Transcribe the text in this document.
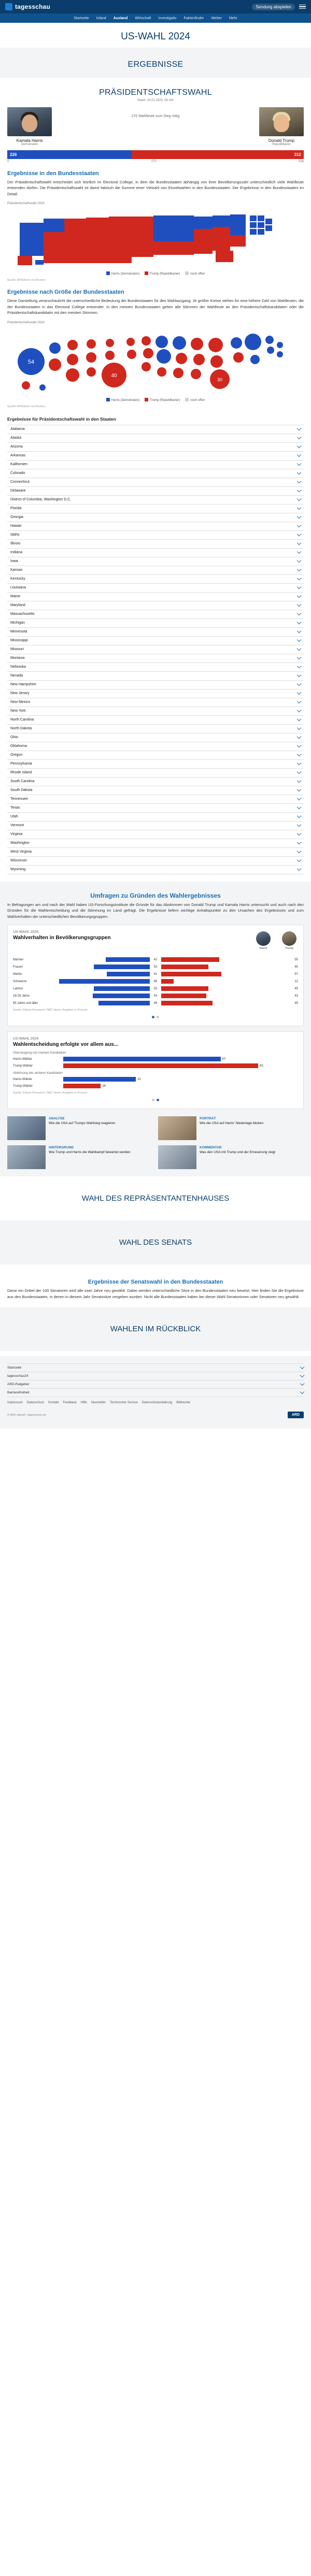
tagesschau	Sendung abspielen
Startseite Inland Ausland Wirtschaft Investigativ Faktenfinder Wetter Mehr
US-WAHL 2024
ERGEBNISSE
PRÄSIDENTSCHAFTSWAHL
Stand: 20.01.2025, 08 Uhr
Kamala Harris
Demokraten
270 Wahlleute zum Sieg nötig
Donald Trump
Republikaner
226	312
0	270	538
Ergebnisse in den Bundesstaaten
Der Präsidentschaftswahl entscheidet sich letztlich im Electoral College, in dem die Bundesstaaten abhängig von ihrer Bevölkerungszahl unterschiedlich viele Wahlleute entsenden dürfen. Die Präsidentschaftswahl ist damit faktisch die Summe einer Vielzahl von Einzelwahlen in den Bundesstaaten. Der Ergebnisse in den Bundesstaaten im Detail.
Präsidentschaftswahl 2024
Harris (Demokraten)	Trump (Republikaner)	noch offen
Quelle: AP/Edison via Reuters
Ergebnisse nach Größe der Bundesstaaten
Diese Darstellung veranschaulicht die unterschiedliche Bedeutung der Bundesstaaten für den Wahlausgang. Je größer Kreise stehen für eine höhere Zahl von Wahlleuten, die der Bundesstaaten in das Electoral College entsendet. In den meisten Bundesstaaten gehen alle Stimmen der Wahlleute an den Präsidentschaftskandidaten oder die Präsidentschaftskandidatin mit den meisten Stimmen.
Präsidentschaftswahl 2024
54
40
30
Harris (Demokraten)	Trump (Republikaner)	noch offen
Quelle: AP/Edison via Reuters
Ergebnisse für Präsidentschaftswahl in den Staaten
Alabama
Alaska
Arizona
Arkansas
Kalifornien
Colorado
Connecticut
Delaware
District of Columbia, Washington D.C.
Florida
Georgia
Hawaii
Idaho
Illinois
Indiana
Iowa
Kansas
Kentucky
Louisiana
Maine
Maryland
Massachusetts
Michigan
Minnesota
Mississippi
Missouri
Montana
Nebraska
Nevada
New Hampshire
New Jersey
New Mexico
New York
North Carolina
North Dakota
Ohio
Oklahoma
Oregon
Pennsylvania
Rhode Island
South Carolina
South Dakota
Tennessee
Texas
Utah
Vermont
Virginia
Washington
West Virginia
Wisconsin
Wyoming
Umfragen zu Gründen des Wahlergebnisses
In Befragungen am und nach der Wahl haben US-Forschungsinstitute die Gründe für das Abstimmen von Donald Trump und Kamala Harris untersucht und auch nach den Gründen für die Wahlentscheidung und die Stimmung im Land gefragt. Die Ergebnisse liefern wichtige Anhaltspunkte zu den Ursachen des Ergebnisses und zum Wahlverhalten der unterschiedlichen Bevölkerungsgruppen.
US-WAHL 2024
Wahlverhalten in Bevölkerungsgruppen
Harris	Trump
Männer	42	55
Frauen	53	45
Weiße	41	57
Schwarze	86	12
Latinos	53	45
18-29 Jahre	54	43
65 Jahre und älter	49	49
Quelle: Edison Research / NBC News, Angaben in Prozent
US-WAHL 2024
Wahlentscheidung erfolgte vor allem aus...
Überzeugung von meinem Kandidaten
Harris-Wähler	67
Trump-Wähler	83
Ablehnung des anderen Kandidaten
Harris-Wähler	31
Trump-Wähler	16
Quelle: Edison Research / NBC News, Angaben in Prozent
ANALYSE
Wie die USA auf Trumps Wahlsieg reagieren
PORTRÄT
Wie die USA auf Harris' Niederlage blicken
HINTERGRUND
Wie Trump und Harris die Wahlkampf bewertet werden
KOMMENTAR
Was den USA mit Trump und der Erneuerung zeigt
WAHL DES REPRÄSENTANTENHAUSES
WAHL DES SENATS
Ergebnisse der Senatswahl in den Bundesstaaten
Diese ein Drittel der 100 Senatoren wird alle zwei Jahre neu gewählt. Dabei werden unterschiedliche Sitze in den Bundesstaaten neu besetzt. Hier finden Sie die Ergebnisse aus den Bundesstaaten, in denen in diesem Jahr Senatssitze vergeben wurden. Nicht alle Bundesstaaten haben bei dieser Wahl Senatorinnen oder Senatoren neu gewählt.
WAHLEN IM RÜCKBLICK
Startseite
tagesschau24
ARD-Ratgeber
Barrierefreiheit
Impressum Datenschutz Kontakt Feedback Hilfe Newsletter Technischer Service Datenschutzerklärung Bildrechte
© ARD-aktuell / tagesschau.de	ARD
